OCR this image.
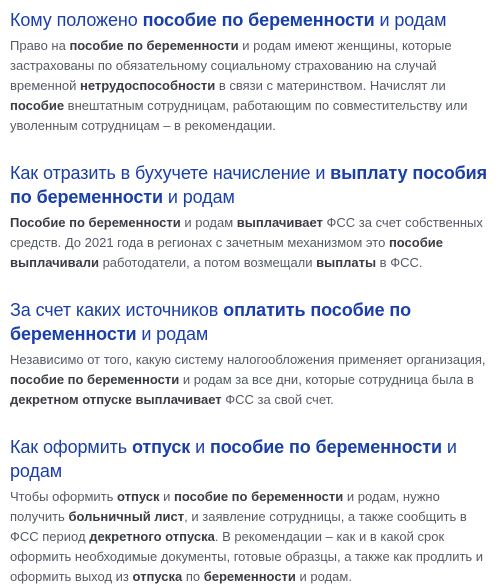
Кому положено пособие по беременности и родам

Право на пособие по беременности и родам имеют женщины, которые застрахованы по обязательному социальному страхованию на случай временной нетрудоспособности в связи с материнством. Начислят ли пособие внештатным сотрудницам, работающим по совместительству или уволенным сотрудницам – в рекомендации.

Как отразить в бухучете начисление и выплату пособия по беременности и родам

Пособие по беременности и родам выплачивает ФСС за счет собственных средств. До 2021 года в регионах с зачетным механизмом это пособие выплачивали работодатели, а потом возмещали выплаты в ФСС.

За счет каких источников оплатить пособие по беременности и родам

Независимо от того, какую систему налогообложения применяет организация, пособие по беременности и родам за все дни, которые сотрудница была в декретном отпуске выплачивает ФСС за свой счет.

Как оформить отпуск и пособие по беременности и родам

Чтобы оформить отпуск и пособие по беременности и родам, нужно получить больничный лист, и заявление сотрудницы, а также сообщить в ФСС период декретного отпуска. В рекомендации – как и в какой срок оформить необходимые документы, готовые образцы, а также как продлить и оформить выход из отпуска по беременности и родам.
